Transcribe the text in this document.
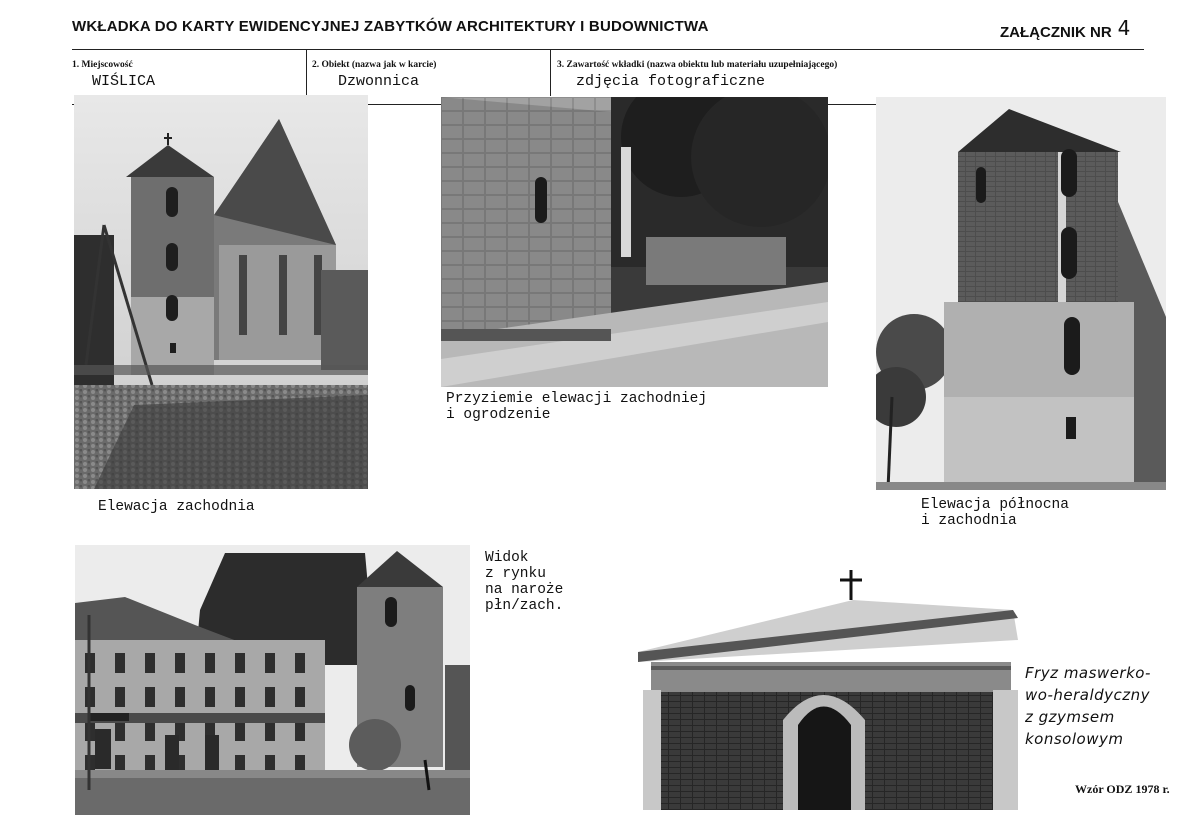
WKŁADKA DO KARTY EWIDENCYJNEJ ZABYTKÓW ARCHITEKTURY I BUDOWNICTWA	ZAŁĄCZNIK NR 4
1. Miejscowość
WIŚLICA
2. Obiekt (nazwa jak w karcie)
Dzwonnica
3. Zawartość wkładki (nazwa obiektu lub materiału uzupełniającego)
zdjęcia fotograficzne
Elewacja zachodnia
Przyziemie elewacji zachodniej
i ogrodzenie
Elewacja północna
i zachodnia
Widok
z rynku
na naroże
płn/zach.
Fryz maswerko-
wo-heraldyczny
z gzymsem
konsolowym
Wzór ODZ 1978 r.
